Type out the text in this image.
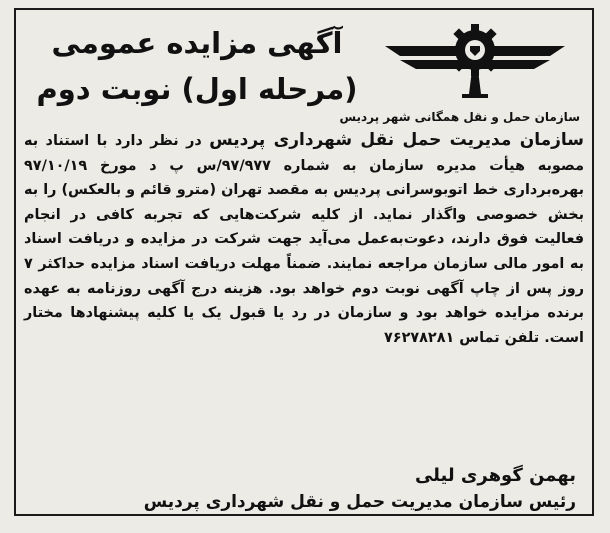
سازمان حمل و نقل همگانی شهر پردیس
آگهی مزایده عمومی
(مرحله اول) نوبت دوم
سازمان مدیریت حمل نقل شهرداری پردیس در نظر دارد با استناد به مصوبه هیأت مدیره سازمان به شماره ۹۷/۹۷۷/س پ د مورخ ۹۷/۱۰/۱۹ بهره‌برداری خط اتوبوسرانی پردیس به مقصد تهران (مترو قائم و بالعکس) را به بخش خصوصی واگذار نماید. از کلیه شرکت‌هایی که تجربه کافی در انجام فعالیت فوق دارند، دعوت‌به‌عمل می‌آید جهت شرکت در مزایده و دریافت اسناد به امور مالی سازمان مراجعه نمایند. ضمناً مهلت دریافت اسناد مزایده حداکثر ۷ روز پس از چاپ آگهی نوبت دوم خواهد بود. هزینه درج آگهی روزنامه به عهده برنده مزایده خواهد بود و سازمان در رد یا قبول یک یا کلیه پیشنهادها مختار است. تلفن تماس ۷۶۲۷۸۲۸۱
بهمن گوهری لیلی
رئیس سازمان مدیریت حمل و نقل شهرداری پردیس
